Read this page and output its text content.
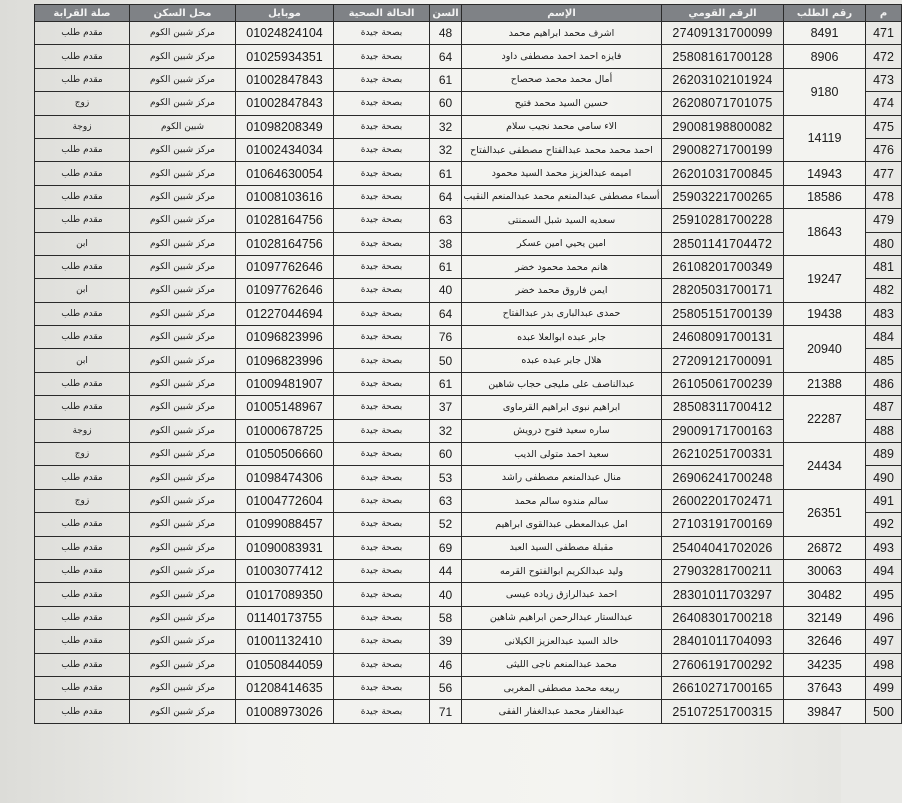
م	رقم الطلب	الرقم القومي	الإسم	السن	الحالة الصحية	موبايل	محل السكن	صلة القرابة
471	8491	27409131700099	اشرف محمد ابراهيم محمد	48	بصحة جيدة	01024824104	مركز شبين الكوم	مقدم طلب
472	8906	25808161700128	فايزه احمد احمد مصطفى داود	64	بصحة جيدة	01025934351	مركز شبين الكوم	مقدم طلب
473	9180	26203102101924	أمال محمد محمد صحصاح	61	بصحة جيدة	01002847843	مركز شبين الكوم	مقدم طلب
474		26208071701075	حسين السيد محمد فتيح	60	بصحة جيدة	01002847843	مركز شبين الكوم	زوج
475	14119	29008198800082	الاء سامي محمد نجيب سلام	32	بصحة جيدة	01098208349	شبين الكوم	زوجة
476		29008271700199	احمد محمد محمد عبدالفتاح مصطفى عبدالفتاح	32	بصحة جيدة	01002434034	مركز شبين الكوم	مقدم طلب
477	14943	26201031700845	اميمه عبدالعزيز محمد السيد محمود	61	بصحة جيدة	01064630054	مركز شبين الكوم	مقدم طلب
478	18586	25903221700265	أسماء مصطفى عبدالمنعم محمد عبدالمنعم النقيب	64	بصحة جيدة	01008103616	مركز شبين الكوم	مقدم طلب
479	18643	25910281700228	سعديه السيد شبل السمنتى	63	بصحة جيدة	01028164756	مركز شبين الكوم	مقدم طلب
480		28501141704472	امين يحيي امين عسكر	38	بصحة جيدة	01028164756	مركز شبين الكوم	ابن
481	19247	26108201700349	هانم محمد محمود خضر	61	بصحة جيدة	01097762646	مركز شبين الكوم	مقدم طلب
482		28205031700171	ايمن فاروق محمد خضر	40	بصحة جيدة	01097762646	مركز شبين الكوم	ابن
483	19438	25805151700139	حمدى عبدالبارى بدر عبدالفتاح	64	بصحة جيدة	01227044694	مركز شبين الكوم	مقدم طلب
484	20940	24608091700131	جابر عبده ابوالعلا عبده	76	بصحة جيدة	01096823996	مركز شبين الكوم	مقدم طلب
485		27209121700091	هلال جابر عبده عبده	50	بصحة جيدة	01096823996	مركز شبين الكوم	ابن
486	21388	26105061700239	عبدالناصف على مليجى حجاب شاهين	61	بصحة جيدة	01009481907	مركز شبين الكوم	مقدم طلب
487	22287	28508311700412	ابراهيم نبوى ابراهيم القرماوى	37	بصحة جيدة	01005148967	مركز شبين الكوم	مقدم طلب
488		29009171700163	ساره سعيد فتوح درويش	32	بصحة جيدة	01000678725	مركز شبين الكوم	زوجة
489	24434	26210251700331	سعيد احمد متولى الديب	60	بصحة جيدة	01050506660	مركز شبين الكوم	زوج
490		26906241700248	منال عبدالمنعم مصطفى راشد	53	بصحة جيدة	01098474306	مركز شبين الكوم	مقدم طلب
491	26351	26002201702471	سالم مندوه سالم محمد	63	بصحة جيدة	01004772604	مركز شبين الكوم	زوج
492		27103191700169	امل عبدالمعطى عبدالقوى ابراهيم	52	بصحة جيدة	01099088457	مركز شبين الكوم	مقدم طلب
493	26872	25404041702026	مقبلة مصطفى السيد العبد	69	بصحة جيدة	01090083931	مركز شبين الكوم	مقدم طلب
494	30063	27903281700211	وليد عبدالكريم ابوالفتوح القرمه	44	بصحة جيدة	01003077412	مركز شبين الكوم	مقدم طلب
495	30482	28301011703297	احمد عبدالرازق زياده عيسى	40	بصحة جيدة	01017089350	مركز شبين الكوم	مقدم طلب
496	32149	26408301700218	عبدالستار عبدالرحمن ابراهيم شاهين	58	بصحة جيدة	01140173755	مركز شبين الكوم	مقدم طلب
497	32646	28401011704093	خالد السيد عبدالعزيز الكيلانى	39	بصحة جيدة	01001132410	مركز شبين الكوم	مقدم طلب
498	34235	27606191700292	محمد عبدالمنعم ناجى الليثى	46	بصحة جيدة	01050844059	مركز شبين الكوم	مقدم طلب
499	37643	26610271700165	ربيعه محمد مصطفى المغربى	56	بصحة جيدة	01208414635	مركز شبين الكوم	مقدم طلب
500	39847	25107251700315	عبدالغفار محمد عبدالغفار الفقى	71	بصحة جيدة	01008973026	مركز شبين الكوم	مقدم طلب
